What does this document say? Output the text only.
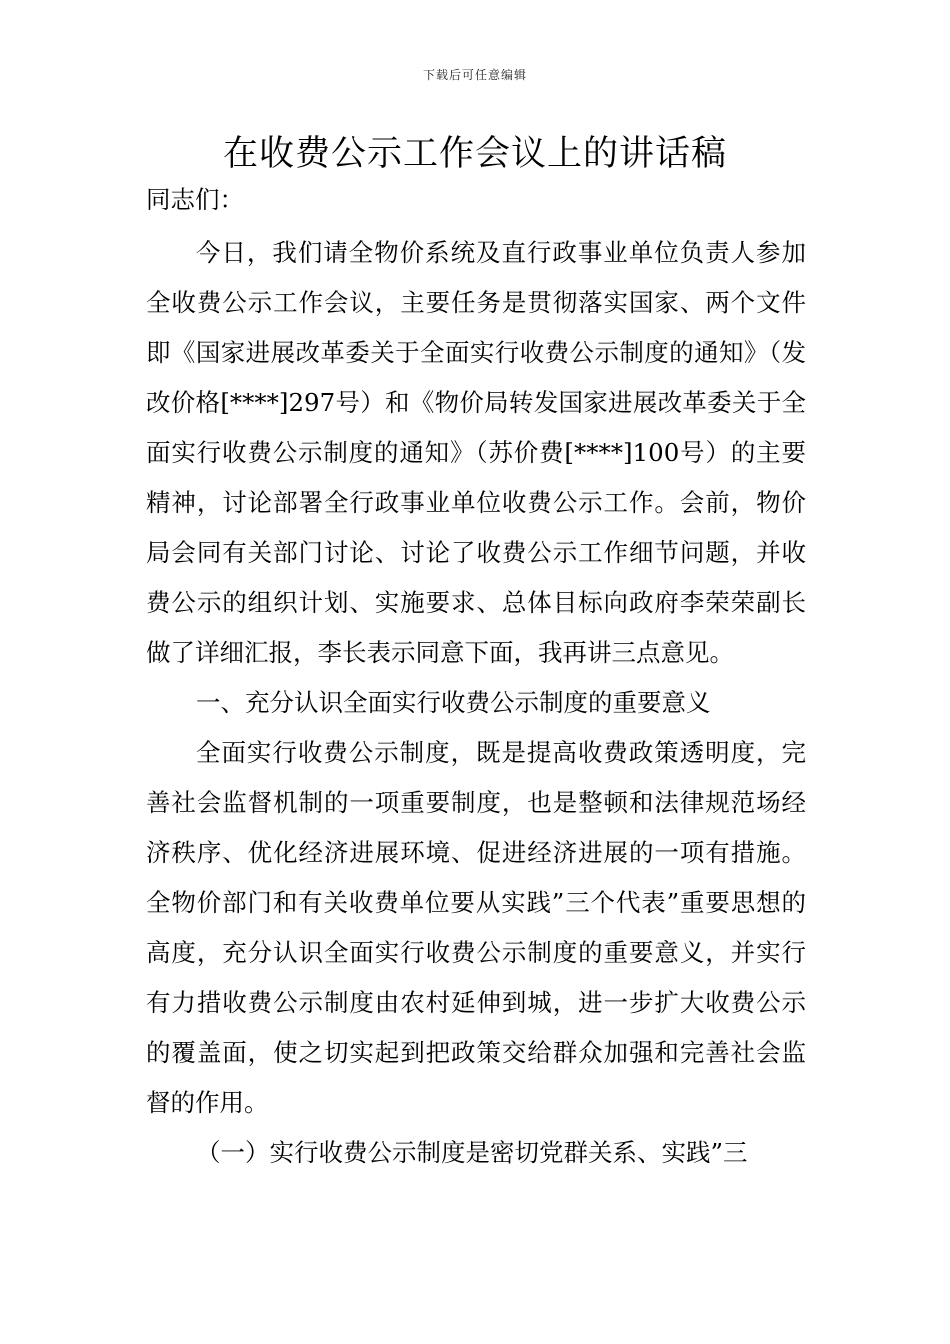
下载后可任意编辑
在收费公示工作会议上的讲话稿

同志们：

今日，我们请全物价系统及直行政事业单位负责人参加全收费公示工作会议，主要任务是贯彻落实国家、两个文件即《国家进展改革委关于全面实行收费公示制度的通知》（发改价格[****]297号）和《物价局转发国家进展改革委关于全面实行收费公示制度的通知》（苏价费[****]100号）的主要精神，讨论部署全行政事业单位收费公示工作。会前，物价局会同有关部门讨论、讨论了收费公示工作细节问题，并收费公示的组织计划、实施要求、总体目标向政府李荣荣副长做了详细汇报，李长表示同意下面，我再讲三点意见。

一、充分认识全面实行收费公示制度的重要意义

全面实行收费公示制度，既是提高收费政策透明度，完善社会监督机制的一项重要制度，也是整顿和法律规范场经济秩序、优化经济进展环境、促进经济进展的一项有措施。全物价部门和有关收费单位要从实践”三个代表”重要思想的高度，充分认识全面实行收费公示制度的重要意义，并实行有力措收费公示制度由农村延伸到城，进一步扩大收费公示的覆盖面，使之切实起到把政策交给群众加强和完善社会监督的作用。

（一）实行收费公示制度是密切党群关系、实践”三
